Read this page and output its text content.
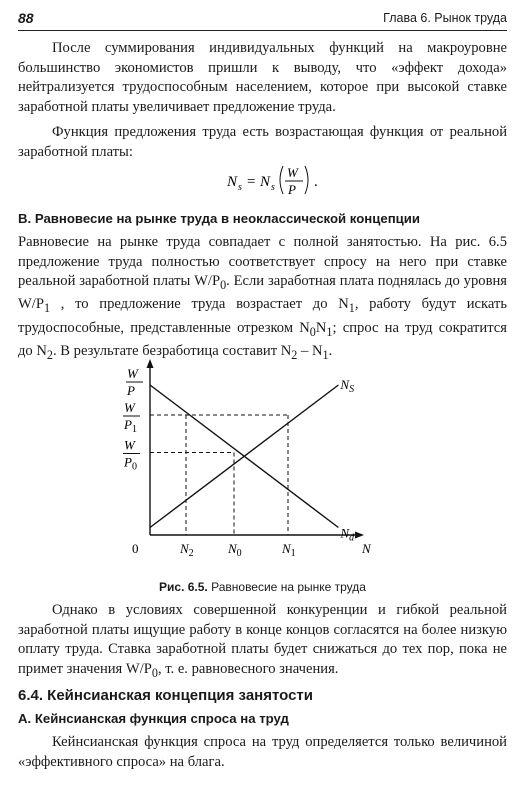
88	Глава 6. Рынок труда

После суммирования индивидуальных функций на макроуровне большинство экономистов пришли к выводу, что «эффект дохода» нейтрализуется трудоспособным населением, которое при высокой ставке заработной платы увеличивает предложение труда.

Функция предложения труда есть возрастающая функция от реальной заработной платы:

N s = N s
W
P .
В. Равновесие на рынке труда в неоклассической концепции

Равновесие на рынке труда совпадает с полной занятостью. На рис. 6.5 предложение труда полностью соответствует спросу на него при ставке реальной заработной платы $W/P_0$. Если заработная плата поднялась до уровня $W/P_1$ , то предложение труда возрастает до $N_1$, работу будут искать трудоспособные, представленные отрезком $N_0N_1$; спрос на труд сократится до $N_2$. В результате безработица составит $N_2 - N_1$.

$N_S$
$N_d$
W
P
W
$P_1$
W
$P_0$
$N_2$	$N_0$	$N_1$
0	N
Рис. 6.5. Равновесие на рынке труда

Однако в условиях совершенной конкуренции и гибкой реальной заработной платы ищущие работу в конце концов согласятся на более низкую оплату труда. Ставка заработной платы будет снижаться до тех пор, пока не примет значения $W/P_0$, т. е. равновесного значения.

6.4. Кейнсианская концепция занятости
А. Кейнсианская функция спроса на труд

Кейнсианская функция спроса на труд определяется только величиной «эффективного спроса» на блага.
